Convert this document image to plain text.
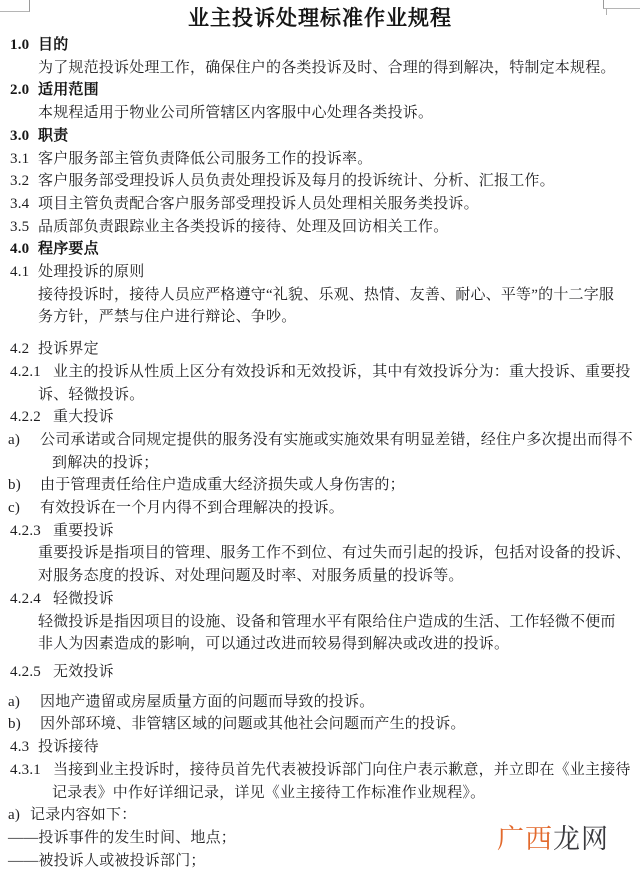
业主投诉处理标准作业规程
1.0 目的
为了规范投诉处理工作，确保住户的各类投诉及时、合理的得到解决，特制定本规程。
2.0 适用范围
本规程适用于物业公司所管辖区内客服中心处理各类投诉。
3.0 职责
3.1 客户服务部主管负责降低公司服务工作的投诉率。
3.2 客户服务部受理投诉人员负责处理投诉及每月的投诉统计、分析、汇报工作。
3.4 项目主管负责配合客户服务部受理投诉人员处理相关服务类投诉。
3.5 品质部负责跟踪业主各类投诉的接待、处理及回访相关工作。
4.0 程序要点
4.1 处理投诉的原则
接待投诉时，接待人员应严格遵守“礼貌、乐观、热情、友善、耐心、平等”的十二字服
务方针，严禁与住户进行辩论、争吵。
4.2 投诉界定
4.2.1 业主的投诉从性质上区分有效投诉和无效投诉，其中有效投诉分为：重大投诉、重要投
诉、轻微投诉。
4.2.2 重大投诉
a) 公司承诺或合同规定提供的服务没有实施或实施效果有明显差错，经住户多次提出而得不
到解决的投诉；
b) 由于管理责任给住户造成重大经济损失或人身伤害的；
c) 有效投诉在一个月内得不到合理解决的投诉。
4.2.3 重要投诉
重要投诉是指项目的管理、服务工作不到位、有过失而引起的投诉，包括对设备的投诉、
对服务态度的投诉、对处理问题及时率、对服务质量的投诉等。
4.2.4 轻微投诉
轻微投诉是指因项目的设施、设备和管理水平有限给住户造成的生活、工作轻微不便而
非人为因素造成的影响，可以通过改进而较易得到解决或改进的投诉。
4.2.5 无效投诉
a) 因地产遗留或房屋质量方面的问题而导致的投诉。
b) 因外部环境、非管辖区域的问题或其他社会问题而产生的投诉。
4.3 投诉接待
4.3.1 当接到业主投诉时，接待员首先代表被投诉部门向住户表示歉意，并立即在《业主接待
记录表》中作好详细记录，详见《业主接待工作标准作业规程》。
a) 记录内容如下：
——投诉事件的发生时间、地点；
——被投诉人或被投诉部门；
广西龙网
